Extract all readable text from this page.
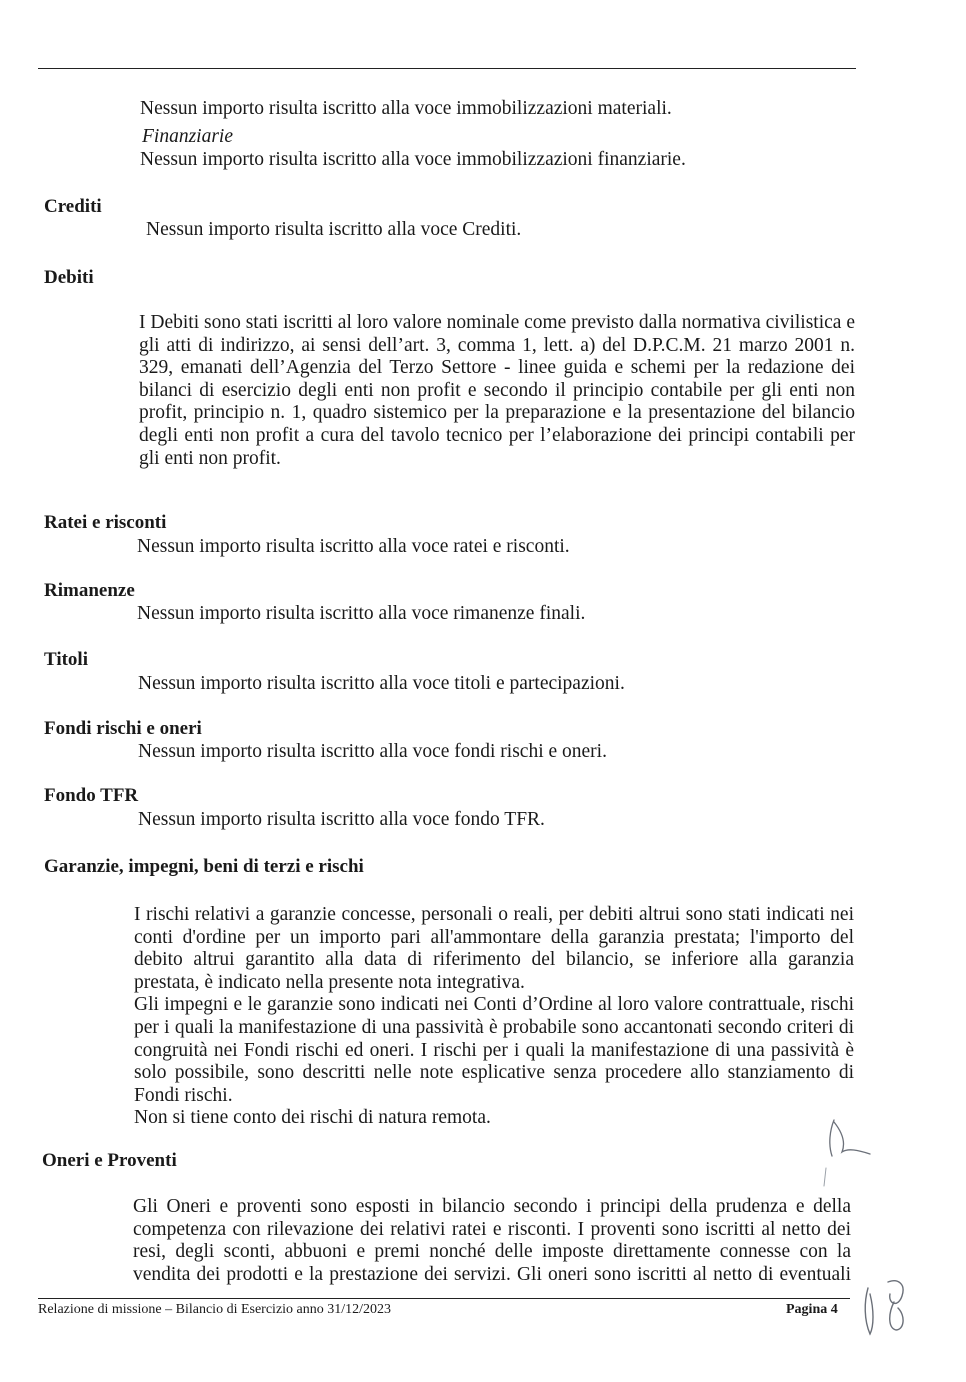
Nessun importo risulta iscritto alla voce immobilizzazioni materiali.
Finanziarie
Nessun importo risulta iscritto alla voce immobilizzazioni finanziarie.
Crediti
Nessun importo risulta iscritto alla voce Crediti.
Debiti
I Debiti sono stati iscritti al loro valore nominale come previsto dalla normativa civilistica e gli atti di indirizzo, ai sensi dell’art. 3, comma 1, lett. a) del D.P.C.M. 21 marzo 2001 n. 329, emanati dell’Agenzia del Terzo Settore - linee guida e schemi per la redazione dei bilanci di esercizio degli enti non profit e secondo il principio contabile per gli enti non profit, principio n. 1, quadro sistemico per la preparazione e la presentazione del bilancio degli enti non profit a cura del tavolo tecnico per l’elaborazione dei principi contabili per gli enti non profit.
Ratei e risconti
Nessun importo risulta iscritto alla voce ratei e risconti.
Rimanenze
Nessun importo risulta iscritto alla voce rimanenze finali.
Titoli
Nessun importo risulta iscritto alla voce titoli e partecipazioni.
Fondi rischi e oneri
Nessun importo risulta iscritto alla voce fondi rischi e oneri.
Fondo TFR
Nessun importo risulta iscritto alla voce fondo TFR.
Garanzie, impegni, beni di terzi e rischi

I rischi relativi a garanzie concesse, personali o reali, per debiti altrui sono stati indicati nei conti d'ordine per un importo pari all'ammontare della garanzia prestata; l'importo del debito altrui garantito alla data di riferimento del bilancio, se inferiore alla garanzia prestata, è indicato nella presente nota integrativa.

Gli impegni e le garanzie sono indicati nei Conti d’Ordine al loro valore contrattuale, rischi per i quali la manifestazione di una passività è probabile sono accantonati secondo criteri di congruità nei Fondi rischi ed oneri. I rischi per i quali la manifestazione di una passività è solo possibile, sono descritti nelle note esplicative senza procedere allo stanziamento di Fondi rischi.

Non si tiene conto dei rischi di natura remota.

Oneri e Proventi
Gli Oneri e proventi sono esposti in bilancio secondo i principi della prudenza e della competenza con rilevazione dei relativi ratei e risconti. I proventi sono iscritti al netto dei resi, degli sconti, abbuoni e premi nonché delle imposte direttamente connesse con la vendita dei prodotti e la prestazione dei servizi. Gli oneri sono iscritti al netto di eventuali
Relazione di missione – Bilancio di Esercizio anno 31/12/2023	Pagina 4
